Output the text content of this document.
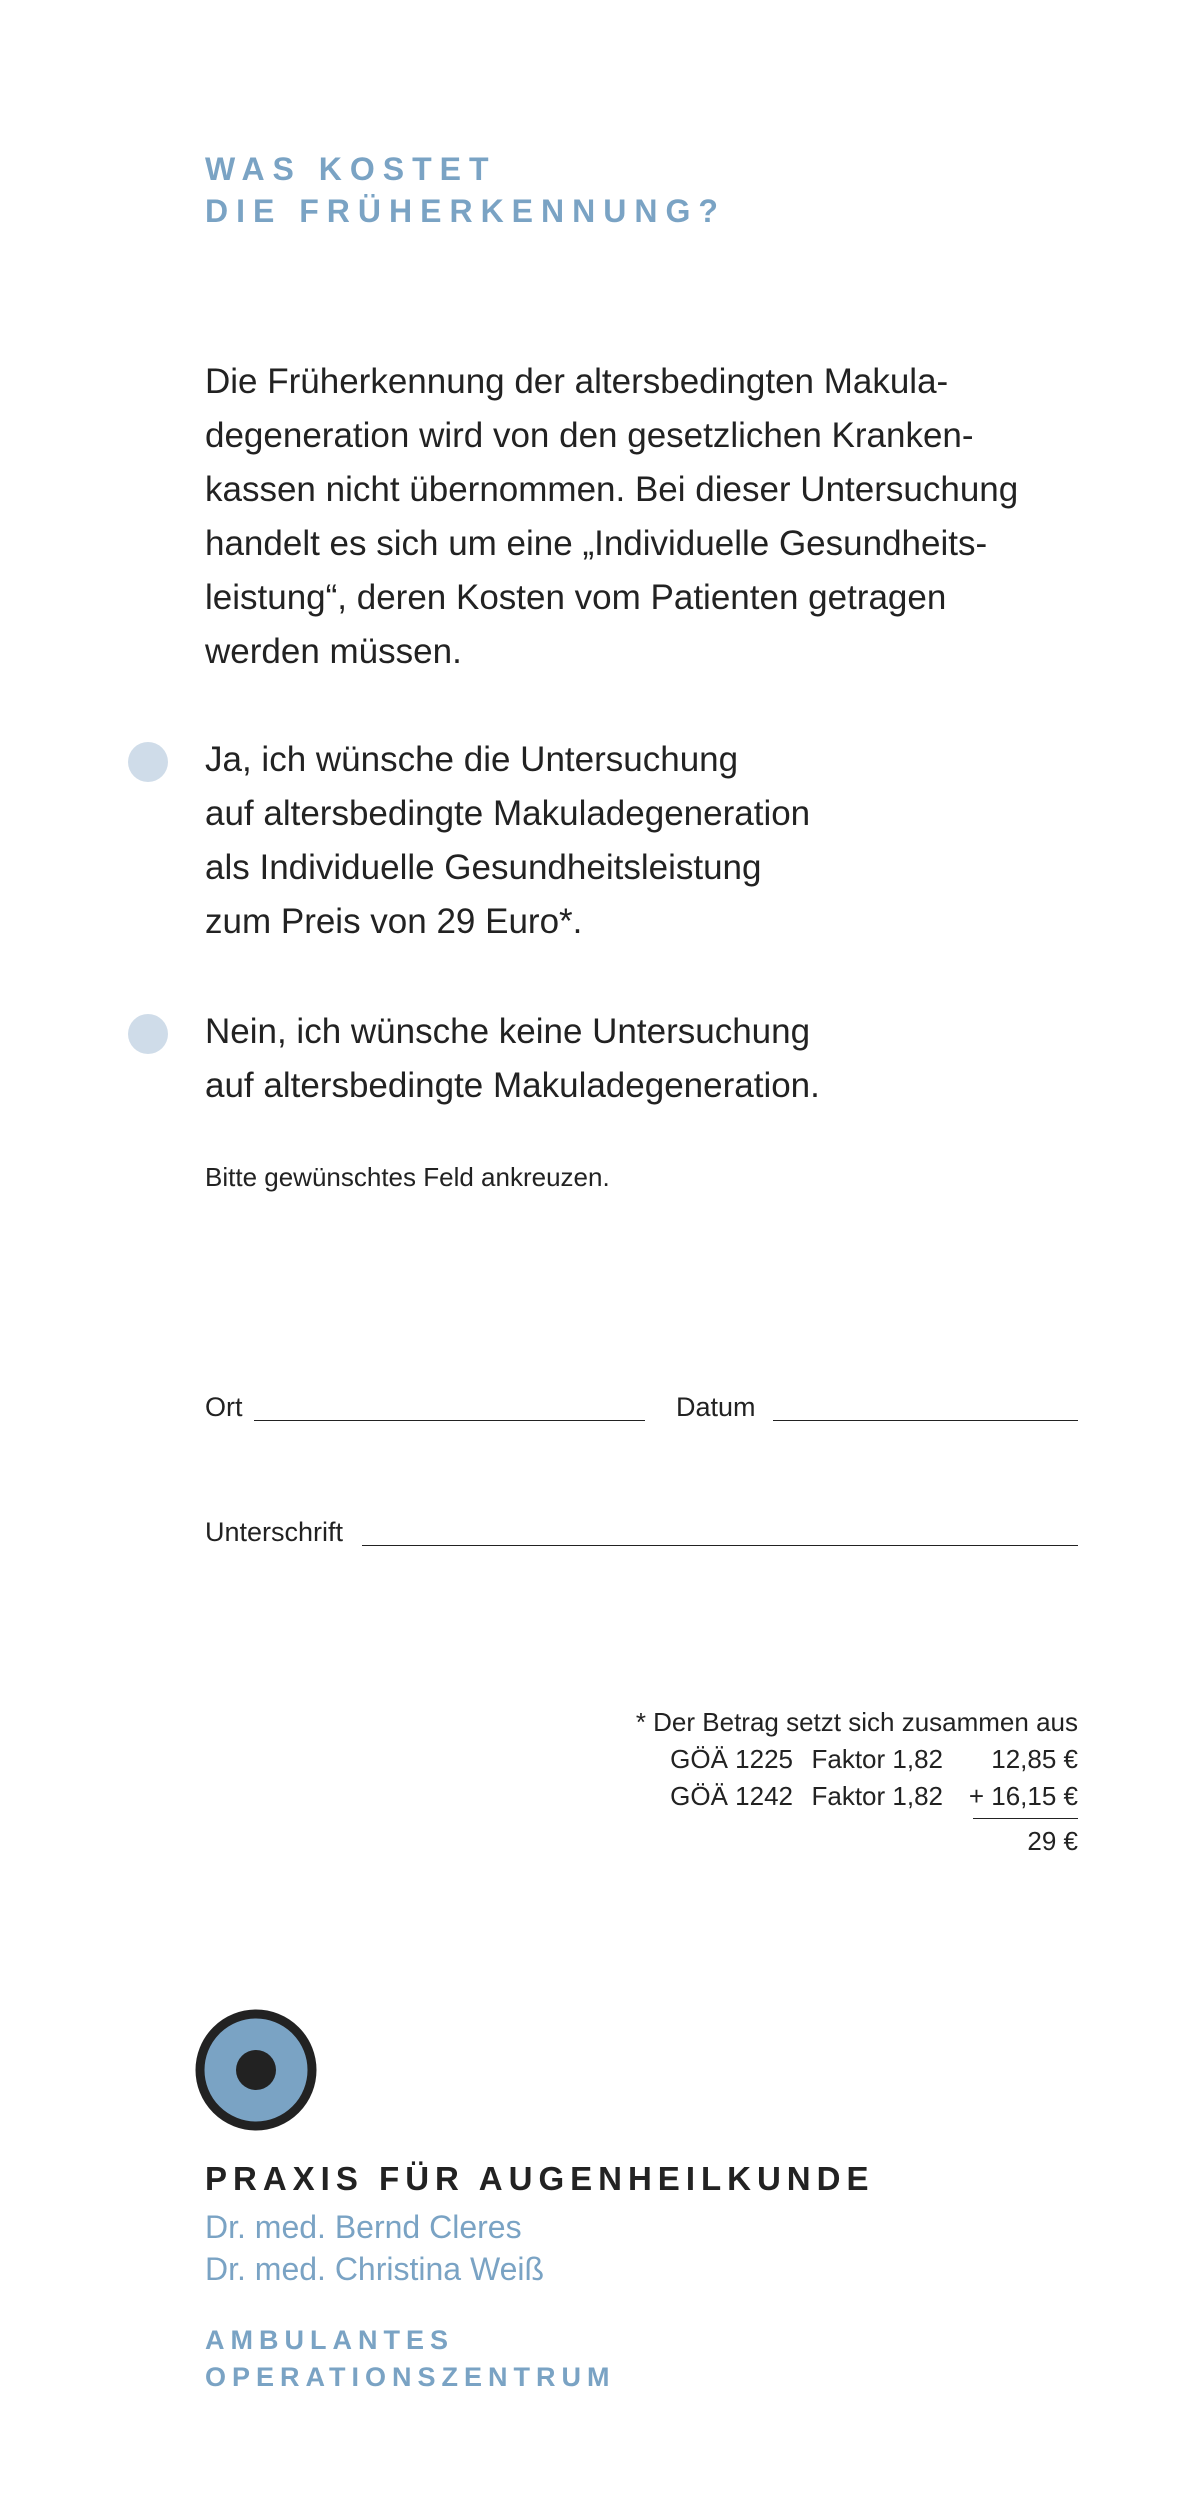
WAS KOSTET
DIE FRÜHERKENNUNG?

Die Früherkennung der altersbedingten Makula-
degeneration wird von den gesetzlichen Kranken-
kassen nicht übernommen. Bei dieser Untersuchung
handelt es sich um eine „Individuelle Gesundheits-
leistung“, deren Kosten vom Patienten getragen
werden müssen.

Ja, ich wünsche die Untersuchung
auf altersbedingte Makuladegeneration
als Individuelle Gesundheitsleistung
zum Preis von 29 Euro*.
Nein, ich wünsche keine Untersuchung
auf altersbedingte Makuladegeneration.
Bitte gewünschtes Feld ankreuzen.
Ort	Datum
Unterschrift
* Der Betrag setzt sich zusammen aus
GÖÄ 1225 Faktor 1,82	12,85 €
GÖÄ 1242 Faktor 1,82 + 16,15 €
29 €
PRAXIS FÜR AUGENHEILKUNDE
Dr. med. Bernd Cleres
Dr. med. Christina Weiß
AMBULANTES
OPERATIONSZENTRUM
